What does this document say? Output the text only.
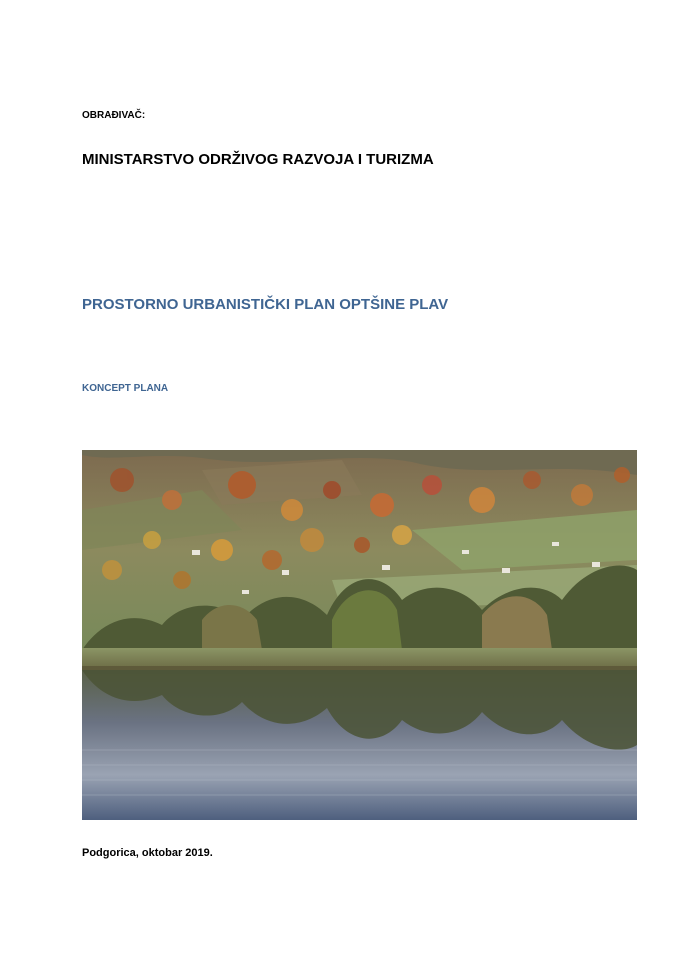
OBRAĐIVAČ:
MINISTARSTVO ODRŽIVOG RAZVOJA I TURIZMA
PROSTORNO URBANISTIČKI PLAN OPTŠINE PLAV
KONCEPT PLANA
Podgorica, oktobar 2019.
